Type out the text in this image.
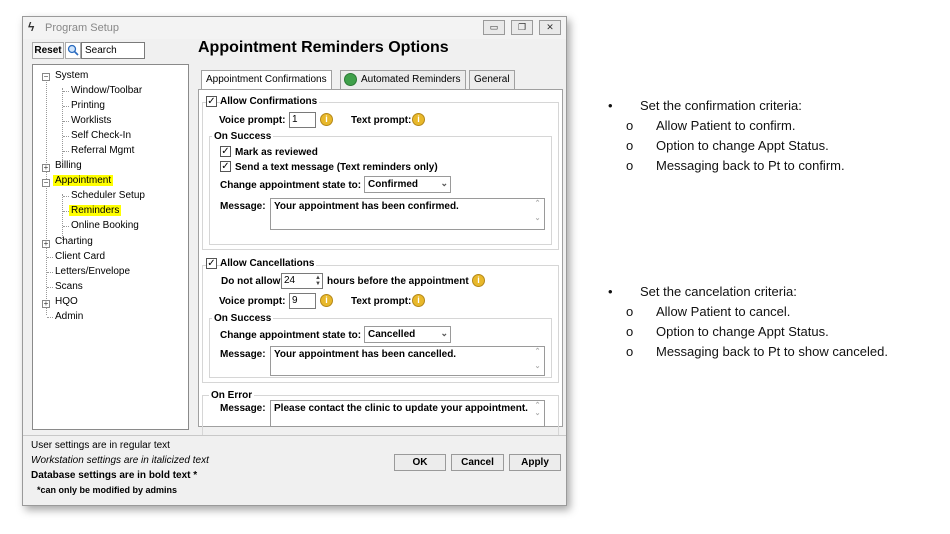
ϟ Program Setup	▭	❐	✕
Reset	Search	Appointment Reminders Options
− System
Window/Toolbar
Printing
Worklists
Self Check-In
Referral Mgmt
+ Billing
− Appointment
Scheduler Setup
Reminders
Online Booking
+ Charting
Client Card
Letters/Envelope
Scans
+ HQO
Admin
Appointment Confirmations	Automated Reminders	General
✓ Allow Confirmations
Voice prompt: 1	i	Text prompt: i
On Success
✓ Mark as reviewed
✓ Send a text message (Text reminders only)
Change appointment state to: Confirmed ⌄
Message: Your appointment has been confirmed.	⌃

⌄
✓ Allow Cancellations
Do not allow 24	▲
▼ hours before the appointment i
Voice prompt: 9	i	Text prompt: i
On Success
Change appointment state to: Cancelled	⌄
Message: Your appointment has been cancelled.	⌃

⌄
On Error
Message: Please contact the clinic to update your appointment. ⌃
⌄
User settings are in regular text
Workstation settings are in italicized text
Database settings are in bold text *
*can only be modified by admins
OK	Cancel	Apply
• Set the confirmation criteria:
o Allow Patient to confirm.
o Option to change Appt Status.
o Messaging back to Pt to confirm.
• Set the cancelation criteria:
o Allow Patient to cancel.
o Option to change Appt Status.
o Messaging back to Pt to show canceled.
